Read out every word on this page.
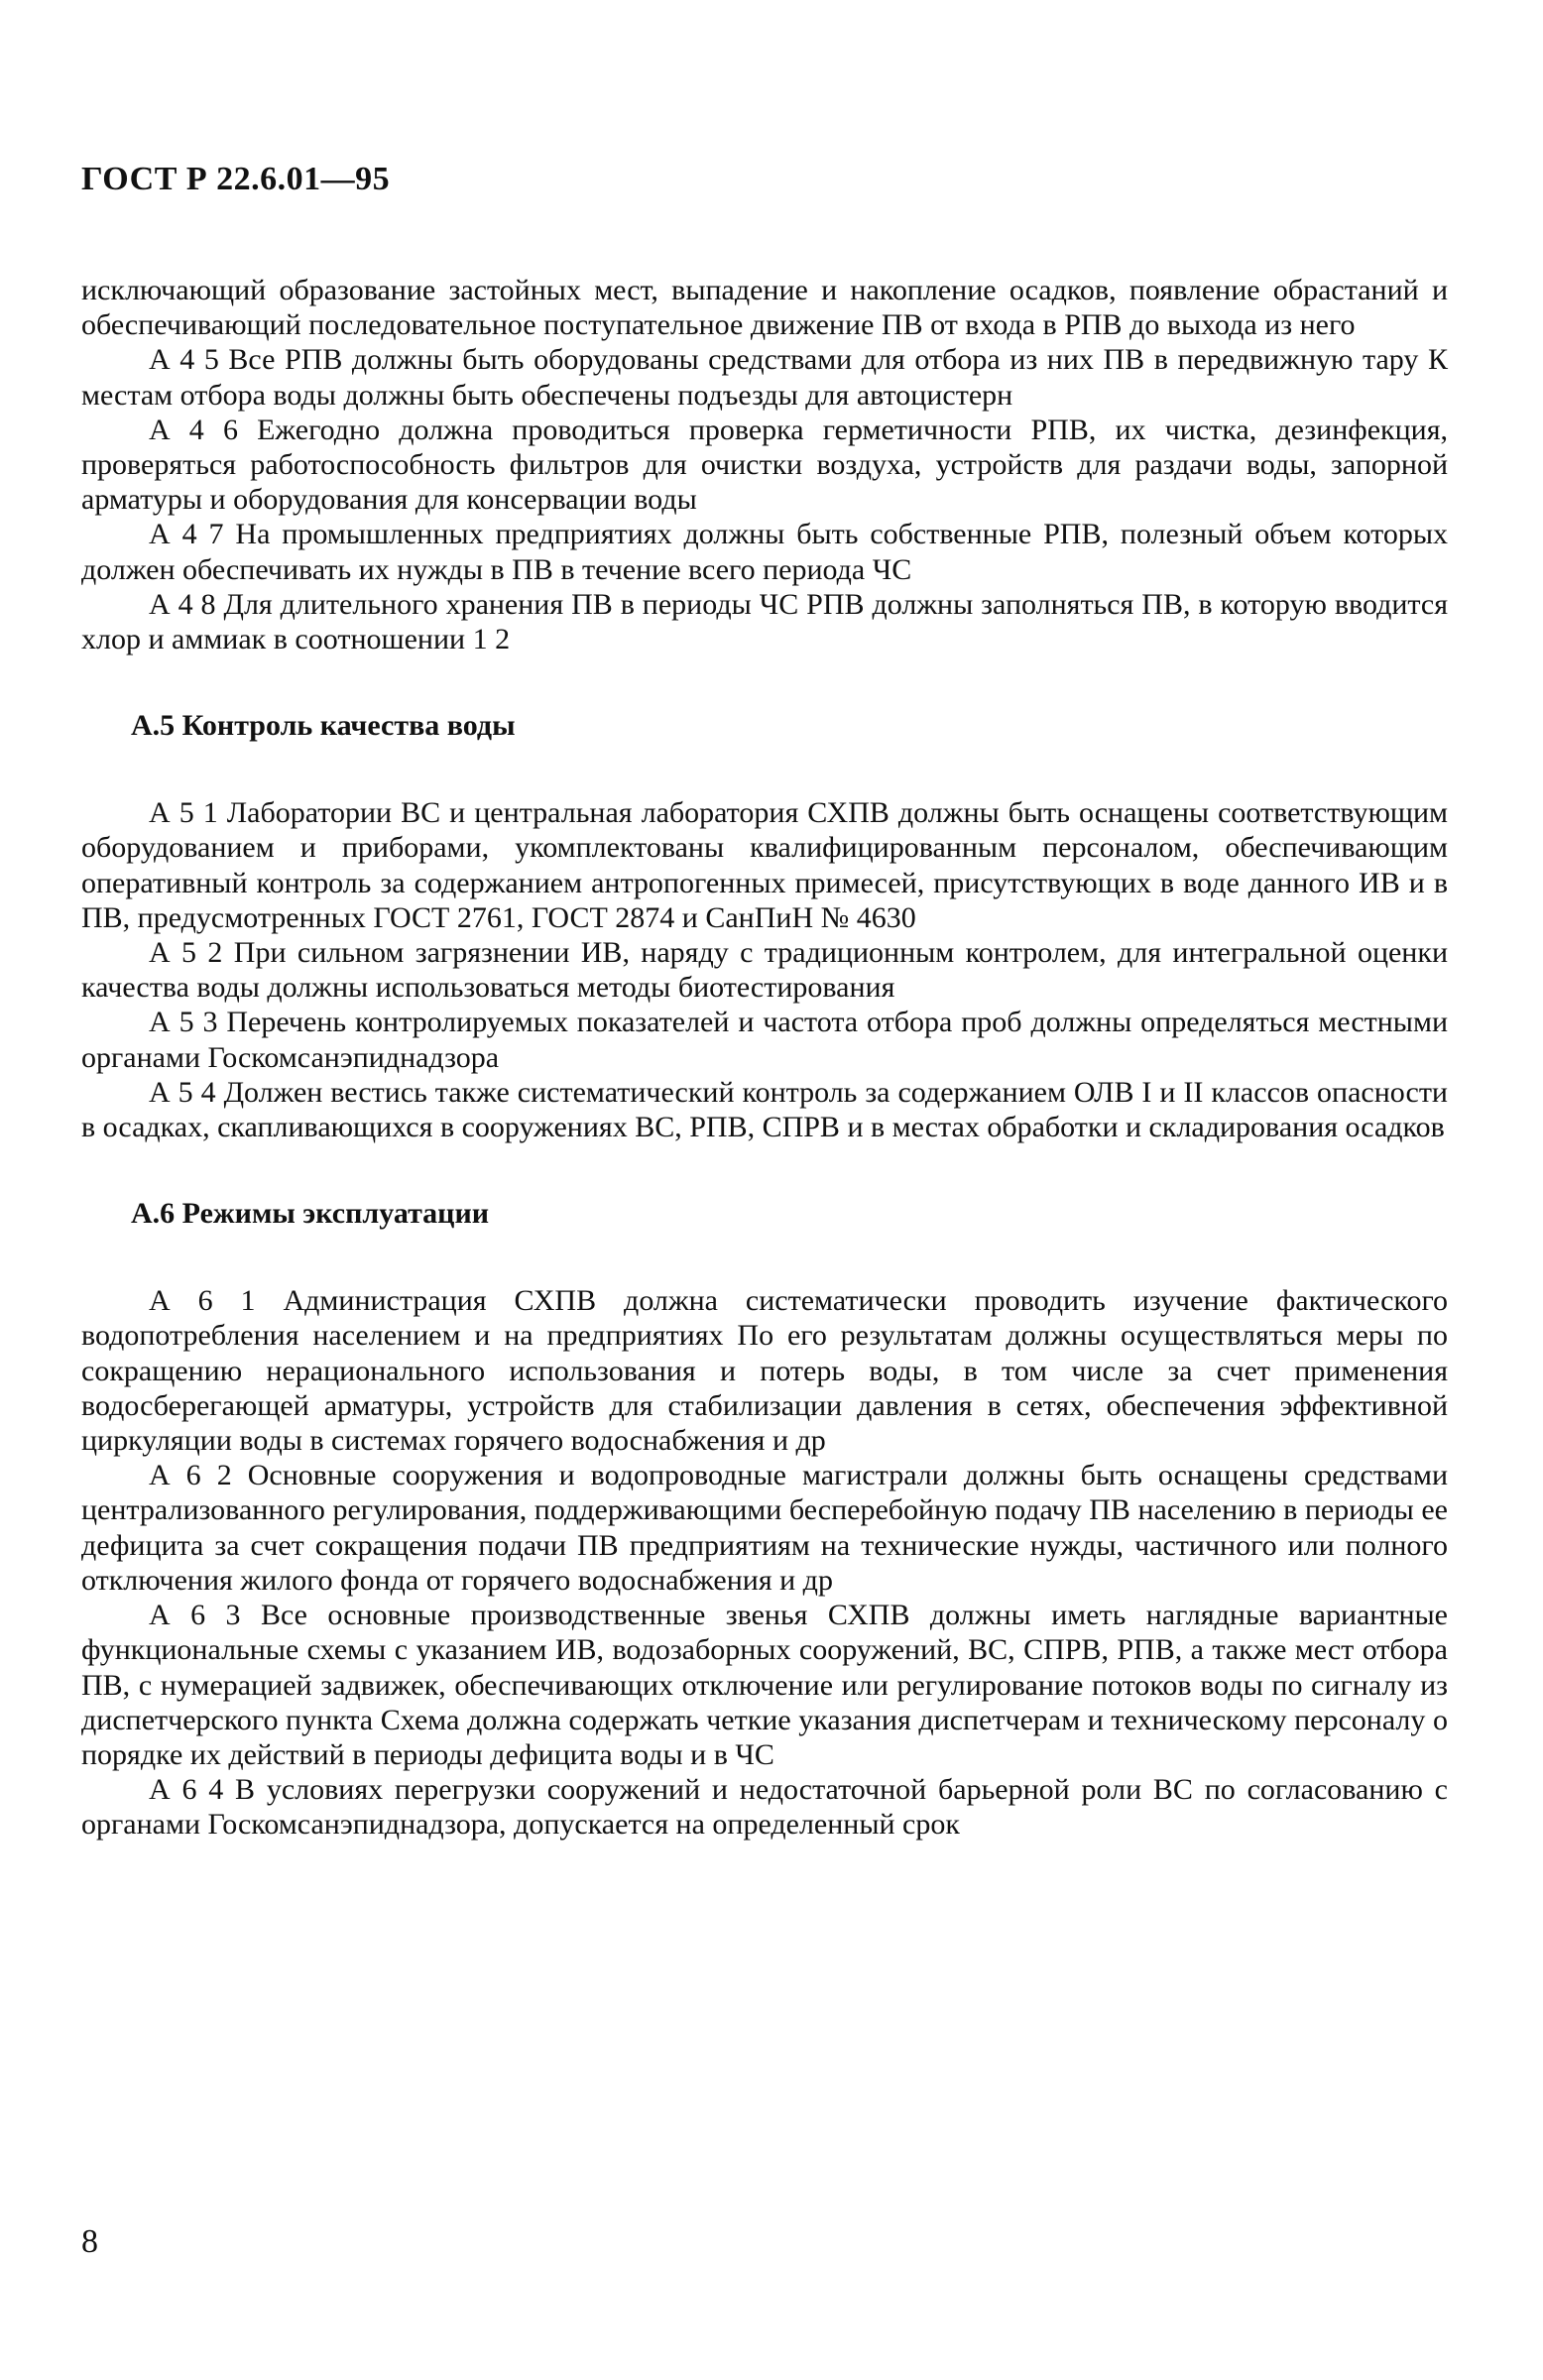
ГОСТ Р 22.6.01—95

исключающий образование застойных мест, выпадение и накопление осадков, появление обрастаний и обеспечивающий последовательное поступательное движение ПВ от входа в РПВ до выхода из него

А 4 5 Все РПВ должны быть оборудованы средствами для отбора из них ПВ в передвижную тару К местам отбора воды должны быть обеспечены подъезды для автоцистерн

А 4 6 Ежегодно должна проводиться проверка герметичности РПВ, их чистка, дезинфекция, проверяться работоспособность фильтров для очистки воздуха, устройств для раздачи воды, запорной арматуры и оборудования для консервации воды

А 4 7 На промышленных предприятиях должны быть собственные РПВ, полезный объем которых должен обеспечивать их нужды в ПВ в течение всего периода ЧС

А 4 8 Для длительного хранения ПВ в периоды ЧС РПВ должны заполняться ПВ, в которую вводится хлор и аммиак в соотношении 1 2

А.5 Контроль качества воды

А 5 1 Лаборатории ВС и центральная лаборатория СХПВ должны быть оснащены соответствующим оборудованием и приборами, укомплектованы квалифицированным персоналом, обеспечивающим оперативный контроль за содержанием антропогенных примесей, присутствующих в воде данного ИВ и в ПВ, предусмотренных ГОСТ 2761, ГОСТ 2874 и СанПиН № 4630

А 5 2 При сильном загрязнении ИВ, наряду с традиционным контролем, для интегральной оценки качества воды должны использоваться методы биотестирования

А 5 3 Перечень контролируемых показателей и частота отбора проб должны определяться местными органами Госкомсанэпиднадзора

А 5 4 Должен вестись также систематический контроль за содержанием ОЛВ I и II классов опасности в осадках, скапливающихся в сооружениях ВС, РПВ, СПРВ и в местах обработки и складирования осадков

А.6 Режимы эксплуатации

А 6 1 Администрация СХПВ должна систематически проводить изучение фактического водопотребления населением и на предприятиях По его результатам должны осуществляться меры по сокращению нерационального использования и потерь воды, в том числе за счет применения водосберегающей арматуры, устройств для стабилизации давления в сетях, обеспечения эффективной циркуляции воды в системах горячего водоснабжения и др

А 6 2 Основные сооружения и водопроводные магистрали должны быть оснащены средствами централизованного регулирования, поддерживающими бесперебойную подачу ПВ населению в периоды ее дефицита за счет сокращения подачи ПВ предприятиям на технические нужды, частичного или полного отключения жилого фонда от горячего водоснабжения и др

А 6 3 Все основные производственные звенья СХПВ должны иметь наглядные вариантные функциональные схемы с указанием ИВ, водозаборных сооружений, ВС, СПРВ, РПВ, а также мест отбора ПВ, с нумерацией задвижек, обеспечивающих отключение или регулирование потоков воды по сигналу из диспетчерского пункта Схема должна содержать четкие указания диспетчерам и техническому персоналу о порядке их действий в периоды дефицита воды и в ЧС

А 6 4 В условиях перегрузки сооружений и недостаточной барьерной роли ВС по согласованию с органами Госкомсанэпиднадзора, допускается на определенный срок

8
